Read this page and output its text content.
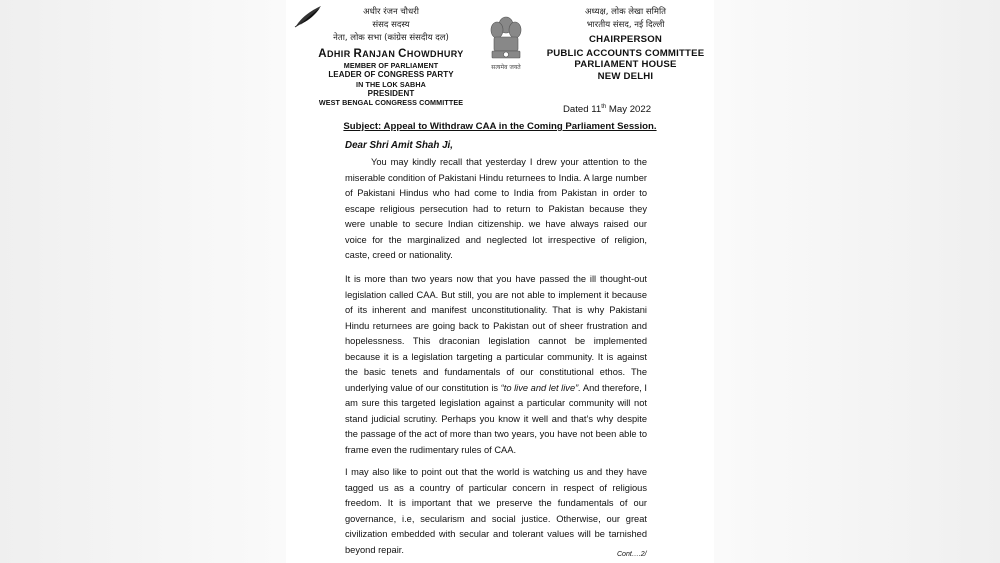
अधीर रंजन चौधरी
संसद सदस्य
नेता, लोक सभा (कांग्रेस संसदीय दल)
ADHIR RANJAN CHOWDHURY
MEMBER OF PARLIAMENT
LEADER OF CONGRESS PARTY
IN THE LOK SABHA
PRESIDENT
WEST BENGAL CONGRESS COMMITTEE
सत्यमेव जयते
अध्यक्ष, लोक लेखा समिति
भारतीय संसद, नई दिल्ली
CHAIRPERSON
PUBLIC ACCOUNTS COMMITTEE
PARLIAMENT HOUSE
NEW DELHI
Dated 11th May 2022
Subject: Appeal to Withdraw CAA in the Coming Parliament Session.
Dear Shri Amit Shah Ji,
You may kindly recall that yesterday I drew your attention to the miserable condition of Pakistani Hindu returnees to India. A large number of Pakistani Hindus who had come to India from Pakistan in order to escape religious persecution had to return to Pakistan because they were unable to secure Indian citizenship. we have always raised our voice for the marginalized and neglected lot irrespective of religion, caste, creed or nationality.
It is more than two years now that you have passed the ill thought-out legislation called CAA. But still, you are not able to implement it because of its inherent and manifest unconstitutionality. That is why Pakistani Hindu returnees are going back to Pakistan out of sheer frustration and hopelessness. This draconian legislation cannot be implemented because it is a legislation targeting a particular community. It is against the basic tenets and fundamentals of our constitutional ethos. The underlying value of our constitution is “to live and let live”. And therefore, I am sure this targeted legislation against a particular community will not stand judicial scrutiny. Perhaps you know it well and that’s why despite the passage of the act of more than two years, you have not been able to frame even the rudimentary rules of CAA.
I may also like to point out that the world is watching us and they have tagged us as a country of particular concern in respect of religious freedom. It is important that we preserve the fundamentals of our governance, i.e, secularism and social justice. Otherwise, our great civilization embedded with secular and tolerant values will be tarnished beyond repair.	Cont….2/
